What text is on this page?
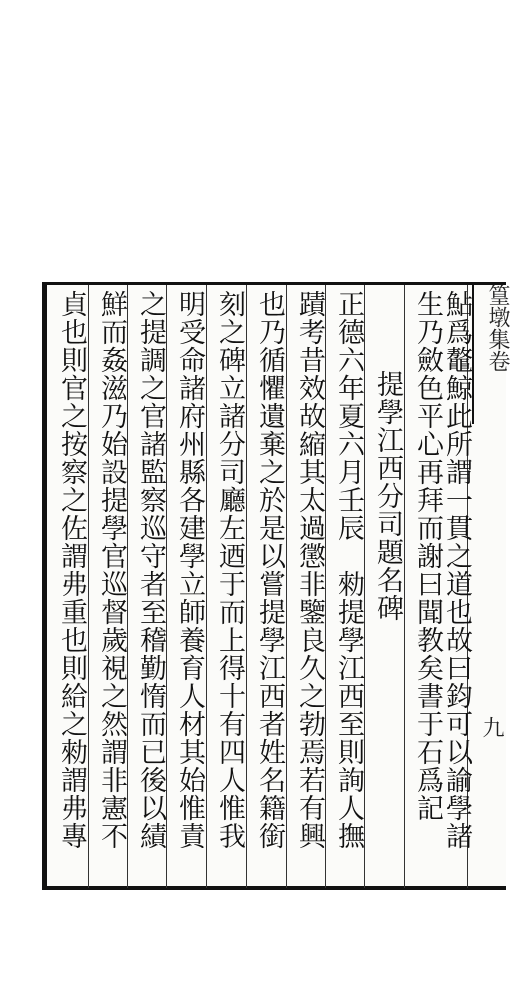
篁墩集卷
九
鮎爲鼇鯨此所謂一貫之道也故曰鈞可以諭學諸
生乃斂色平心再拜而謝曰聞教矣書于石爲記
提學江西分司題名碑
正德六年夏六月壬辰　勑提學江西至則詢人撫
蹟考昔效故縮其太過懲非鑒良久之勃焉若有興
也乃循懼遺棄之於是以嘗提學江西者姓名籍銜
刻之碑立諸分司廳左迺于而上得十有四人惟我
明受命諸府州縣各建學立師養育人材其始惟責
之提調之官諸監察巡守者至稽勤惰而已後以績
鮮而姦滋乃始設提學官巡督歲視之然謂非憲不
貞也則官之按察之佐謂弗重也則給之勑謂弗專
